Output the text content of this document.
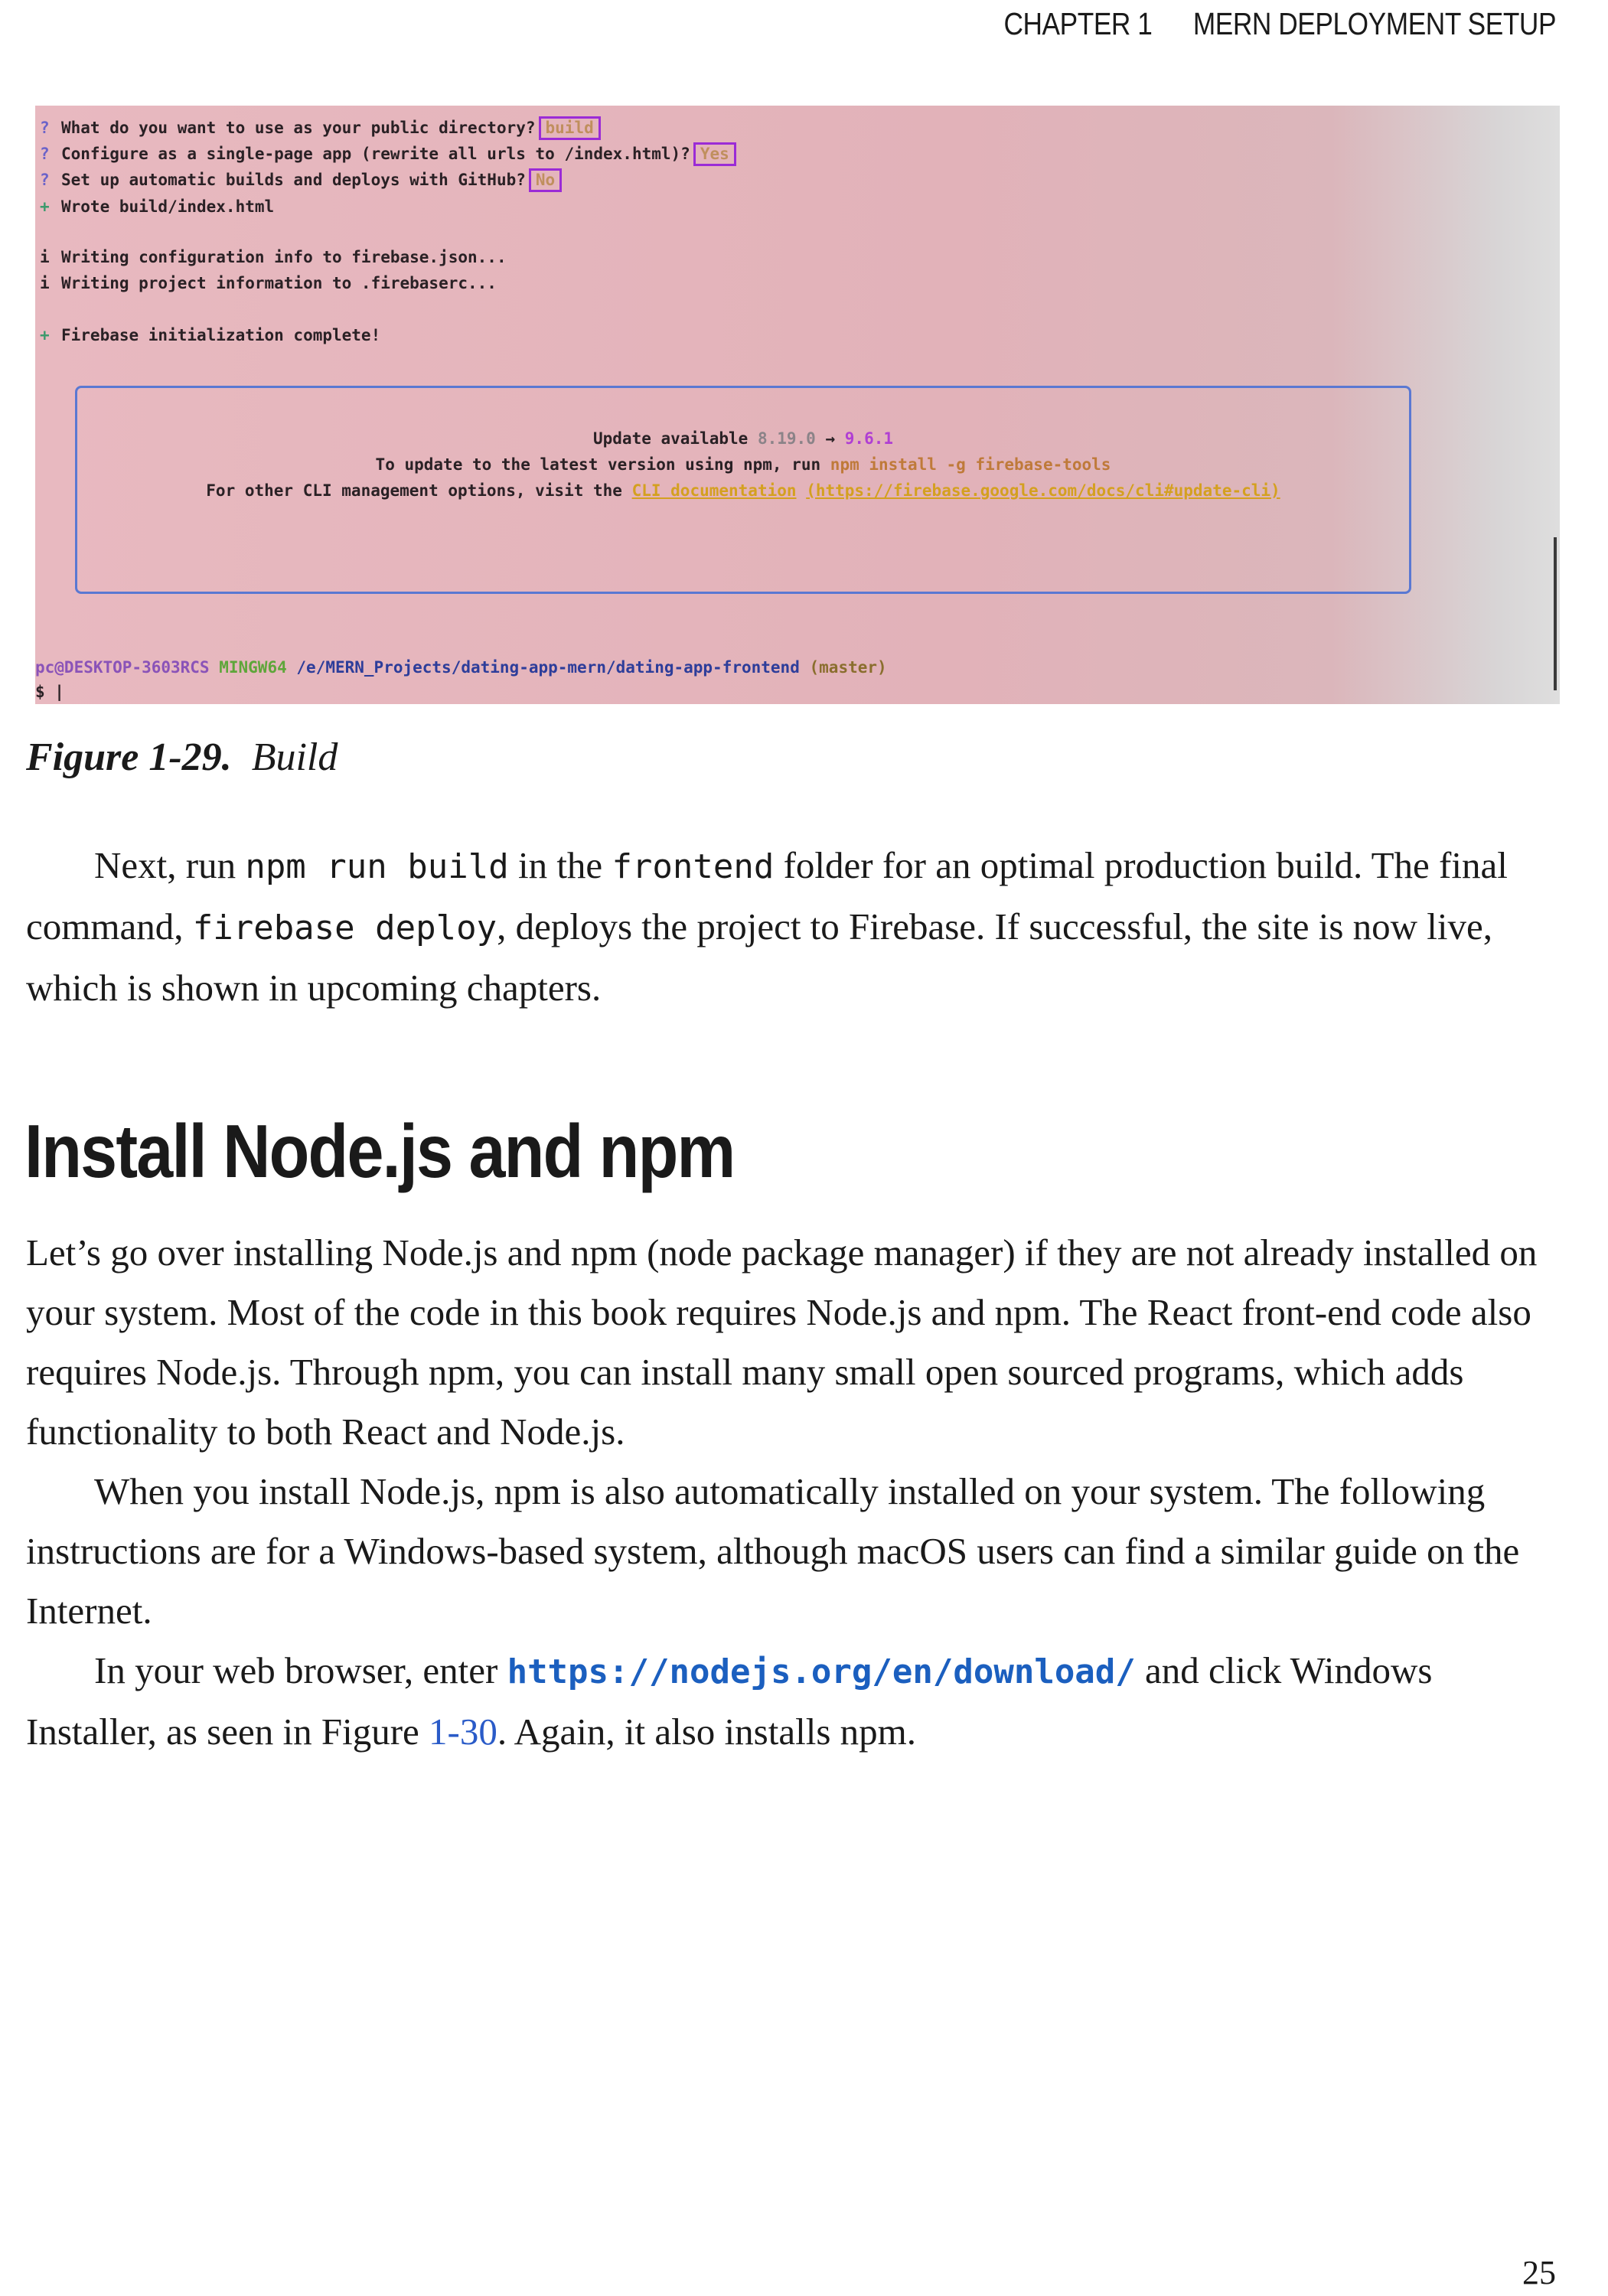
CHAPTER 1 MERN DEPLOYMENT SETUP
? What do you want to use as your public directory? build
? Configure as a single-page app (rewrite all urls to /index.html)? Yes
? Set up automatic builds and deploys with GitHub? No
+ Wrote build/index.html
i Writing configuration info to firebase.json...
i Writing project information to .firebaserc...
+ Firebase initialization complete!
Update available 8.19.0 → 9.6.1
To update to the latest version using npm, run npm install -g firebase-tools
For other CLI management options, visit the CLI documentation (https://firebase.google.com/docs/cli#update-cli)
pc@DESKTOP-3603RCS MINGW64 /e/MERN_Projects/dating-app-mern/dating-app-frontend (master)
$ |
Figure 1-29. Build

Next, run npm run build in the frontend folder for an optimal production build. The final command, firebase deploy, deploys the project to Firebase. If successful, the site is now live, which is shown in upcoming chapters.

Install Node.js and npm

Let’s go over installing Node.js and npm (node package manager) if they are not already installed on your system. Most of the code in this book requires Node.js and npm. The React front-end code also requires Node.js. Through npm, you can install many small open sourced programs, which adds functionality to both React and Node.js.

When you install Node.js, npm is also automatically installed on your system. The following instructions are for a Windows-based system, although macOS users can find a similar guide on the Internet.

In your web browser, enter https://nodejs.org/en/download/ and click Windows Installer, as seen in Figure 1-30. Again, it also installs npm.

25
